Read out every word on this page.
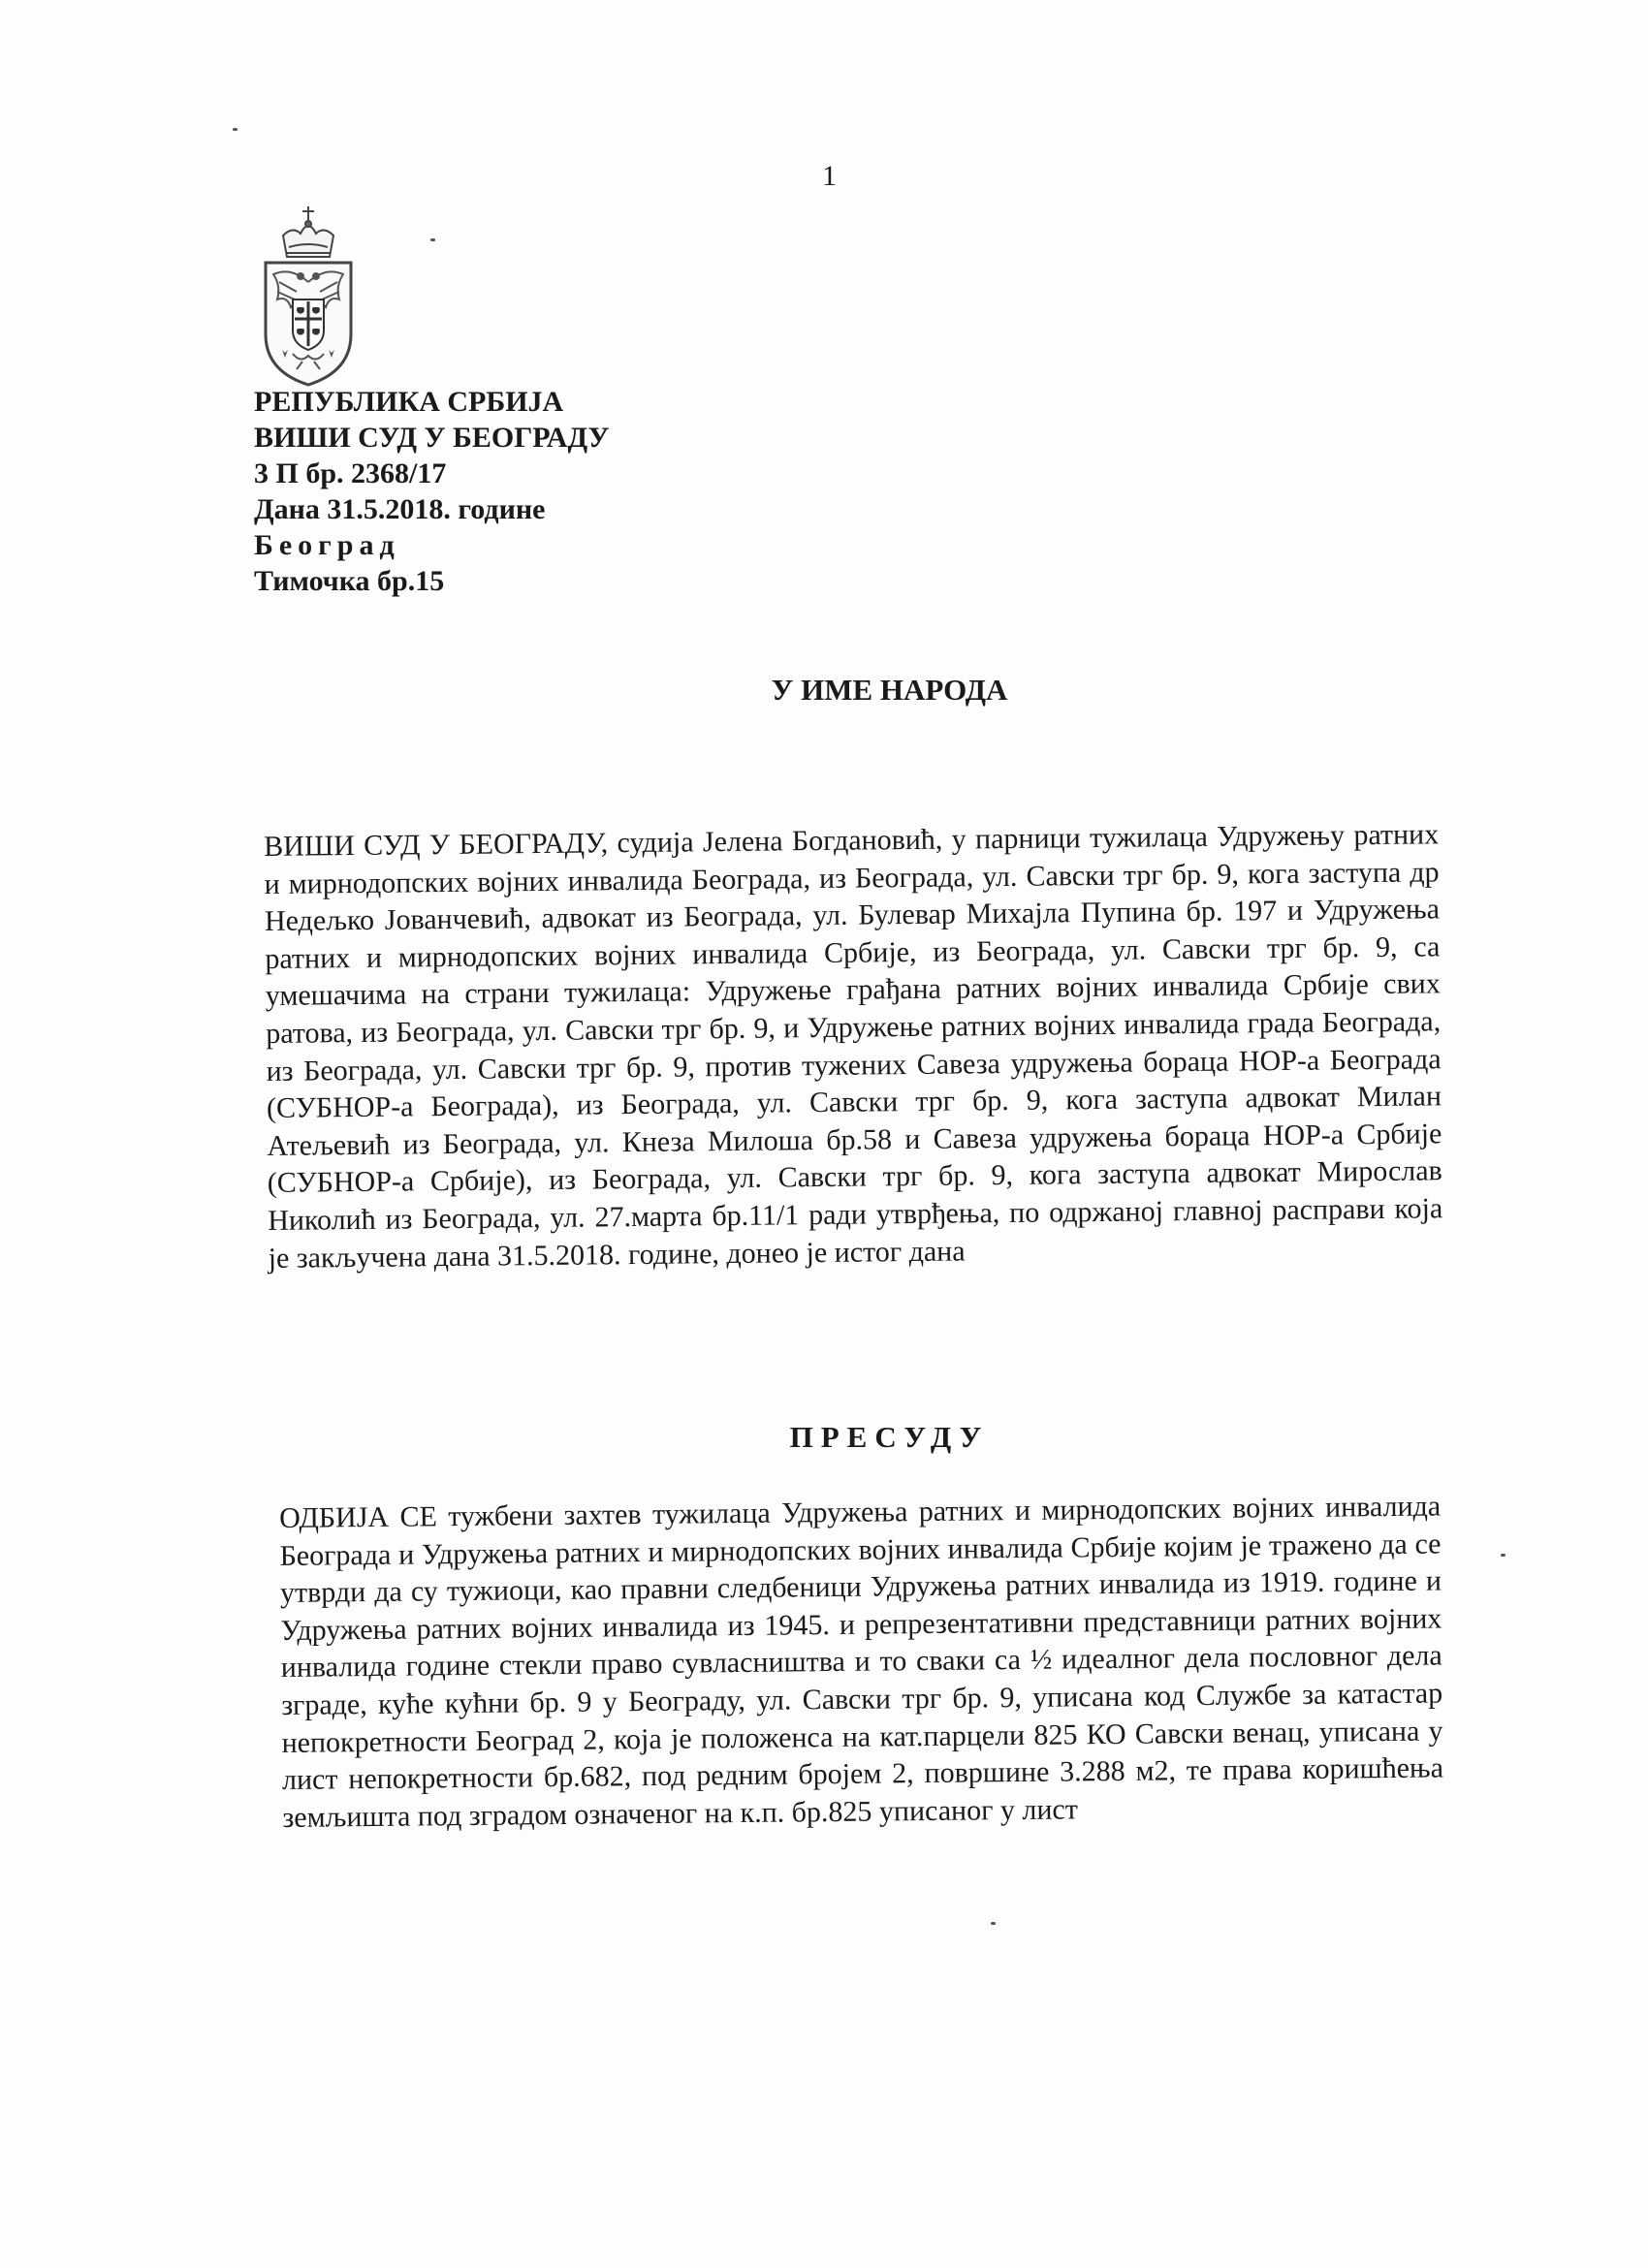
1
РЕПУБЛИКА СРБИЈА
ВИШИ СУД У БЕОГРАДУ
3 П бр. 2368/17
Дана 31.5.2018. године
Београд
Тимочка бр.15
У ИМЕ НАРОДА
ВИШИ СУД У БЕОГРАДУ, судија Јелена Богдановић, у парници тужилаца Удружењу ратних и мирнодопских војних инвалида Београда, из Београда, ул. Савски трг бр. 9, кога заступа др Недељко Јованчевић, адвокат из Београда, ул. Булевар Михајла Пупина бр. 197 и Удружења ратних и мирнодопских војних инвалида Србије, из Београда, ул. Савски трг бр. 9, са умешачима на страни тужилаца: Удружење грађана ратних војних инвалида Србије свих ратова, из Београда, ул. Савски трг бр. 9, и Удружење ратних војних инвалида града Београда, из Београда, ул. Савски трг бр. 9, против тужених Савеза удружења бораца НОР-а Београда (СУБНОР-а Београда), из Београда, ул. Савски трг бр. 9, кога заступа адвокат Милан Атељевић из Београда, ул. Кнеза Милоша бр.58 и Савеза удружења бораца НОР-а Србије (СУБНОР-а Србије), из Београда, ул. Савски трг бр. 9, кога заступа адвокат Мирослав Николић из Београда, ул. 27.марта бр.11/1 ради утврђења, по одржаној главној расправи која је закључена дана 31.5.2018. године, донео је истог дана
ПРЕСУДУ
ОДБИЈА СЕ тужбени захтев тужилаца Удружења ратних и мирнодопских војних инвалида Београда и Удружења ратних и мирнодопских војних инвалида Србије којим је тражено да се утврди да су тужиоци, као правни следбеници Удружења ратних инвалида из 1919. године и Удружења ратних војних инвалида из 1945. и репрезентативни представници ратних војних инвалида године стекли право сувласништва и то сваки са ½ идеалног дела пословног дела зграде, куће кућни бр. 9 у Београду, ул. Савски трг бр. 9, уписана код Службе за катастар непокретности Београд 2, која је положенса на кат.парцели 825 КО Савски венац, уписана у лист непокретности бр.682, под редним бројем 2, површине 3.288 м2, те права коришћења земљишта под зградом означеног на к.п. бр.825 уписаног у лист
